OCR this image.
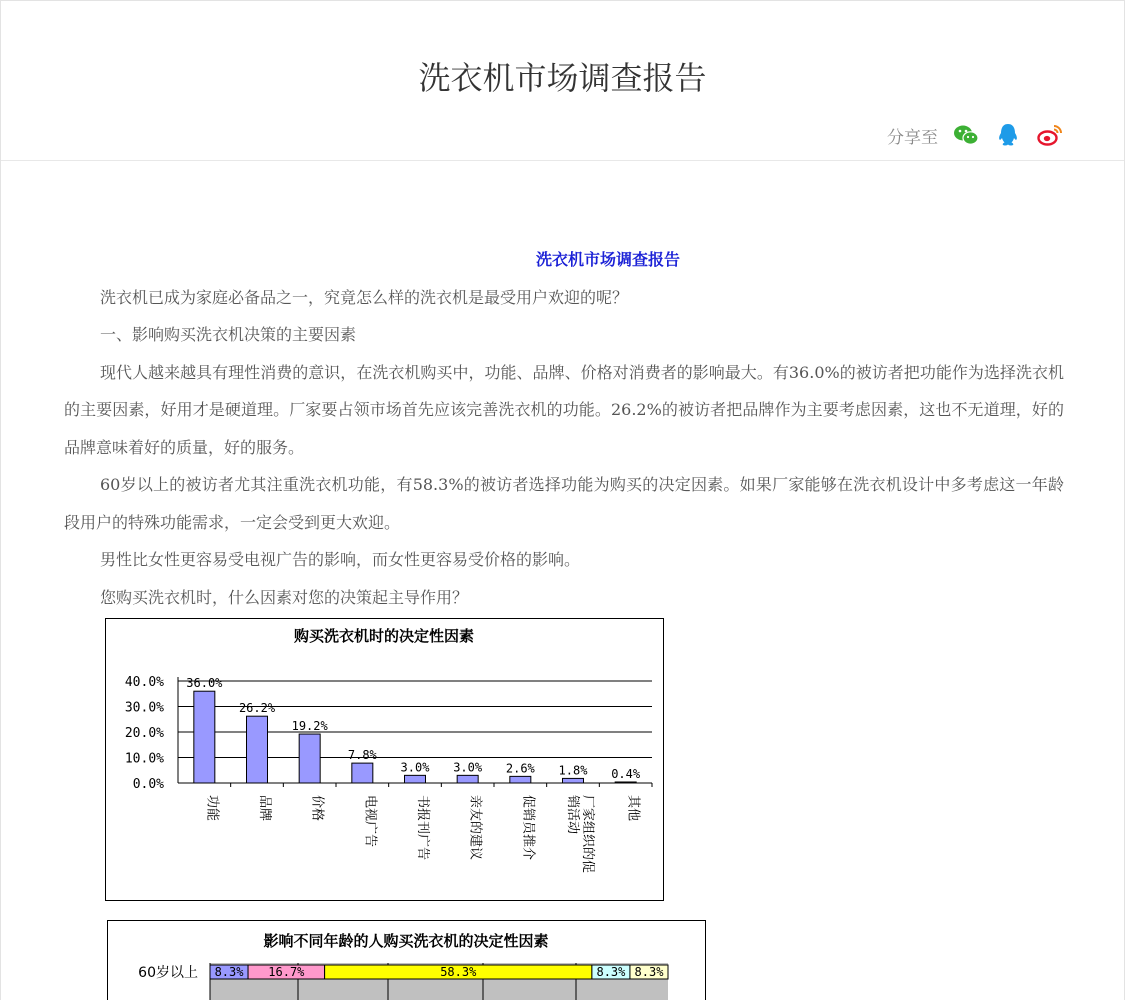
洗衣机市场调查报告
分享至

洗衣机市场调查报告

洗衣机已成为家庭必备品之一，究竟怎么样的洗衣机是最受用户欢迎的呢？

一、影响购买洗衣机决策的主要因素

现代人越来越具有理性消费的意识，在洗衣机购买中，功能、品牌、价格对消费者的影响最大。有36.0%的被访者把功能作为选择洗衣机的主要因素，好用才是硬道理。厂家要占领市场首先应该完善洗衣机的功能。26.2%的被访者把品牌作为主要考虑因素，这也不无道理，好的品牌意味着好的质量，好的服务。

60岁以上的被访者尤其注重洗衣机功能，有58.3%的被访者选择功能为购买的决定因素。如果厂家能够在洗衣机设计中多考虑这一年龄段用户的特殊功能需求，一定会受到更大欢迎。

男性比女性更容易受电视广告的影响，而女性更容易受价格的影响。

您购买洗衣机时，什么因素对您的决策起主导作用？

购买洗衣机时的决定性因素
40.0%
30.0%
20.0%
10.0%
0.0%
36.0%
功能
26.2%
品牌
19.2%
价格
7.8%
电视广告
3.0%
书报刊广告
3.0%
亲友的建议
2.6%
促销员推介
1.8%
厂家组织的促
销活动
0.4%
其他
影响不同年龄的人购买洗衣机的决定性因素
60岁以上 8.3% 16.7%	58.3%	8.3% 8.3%
